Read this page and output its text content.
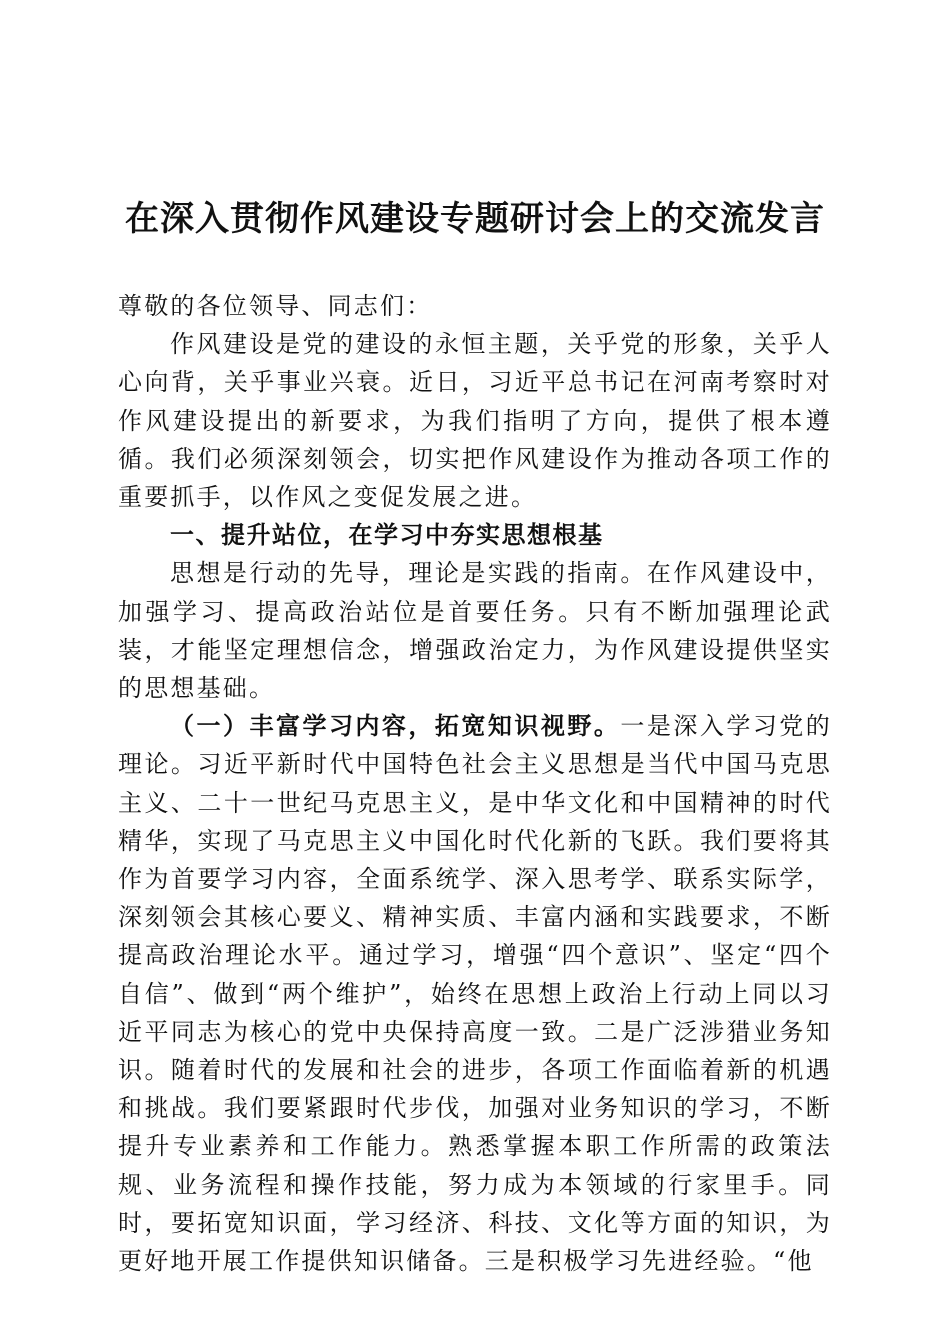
在深入贯彻作风建设专题研讨会上的交流发言

尊敬的各位领导、同志们：

作风建设是党的建设的永恒主题，关乎党的形象，关乎人心向背，关乎事业兴衰。近日，习近平总书记在河南考察时对作风建设提出的新要求，为我们指明了方向，提供了根本遵循。我们必须深刻领会，切实把作风建设作为推动各项工作的重要抓手，以作风之变促发展之进。

一、提升站位，在学习中夯实思想根基

思想是行动的先导，理论是实践的指南。在作风建设中，加强学习、提高政治站位是首要任务。只有不断加强理论武装，才能坚定理想信念，增强政治定力，为作风建设提供坚实的思想基础。

（一）丰富学习内容，拓宽知识视野。一是深入学习党的理论。习近平新时代中国特色社会主义思想是当代中国马克思主义、二十一世纪马克思主义，是中华文化和中国精神的时代精华，实现了马克思主义中国化时代化新的飞跃。我们要将其作为首要学习内容，全面系统学、深入思考学、联系实际学，深刻领会其核心要义、精神实质、丰富内涵和实践要求，不断提高政治理论水平。通过学习，增强“四个意识”、坚定“四个自信”、做到“两个维护”，始终在思想上政治上行动上同以习近平同志为核心的党中央保持高度一致。二是广泛涉猎业务知识。随着时代的发展和社会的进步，各项工作面临着新的机遇和挑战。我们要紧跟时代步伐，加强对业务知识的学习，不断提升专业素养和工作能力。熟悉掌握本职工作所需的政策法规、业务流程和操作技能，努力成为本领域的行家里手。同时，要拓宽知识面，学习经济、科技、文化等方面的知识，为更好地开展工作提供知识储备。三是积极学习先进经验。“他
